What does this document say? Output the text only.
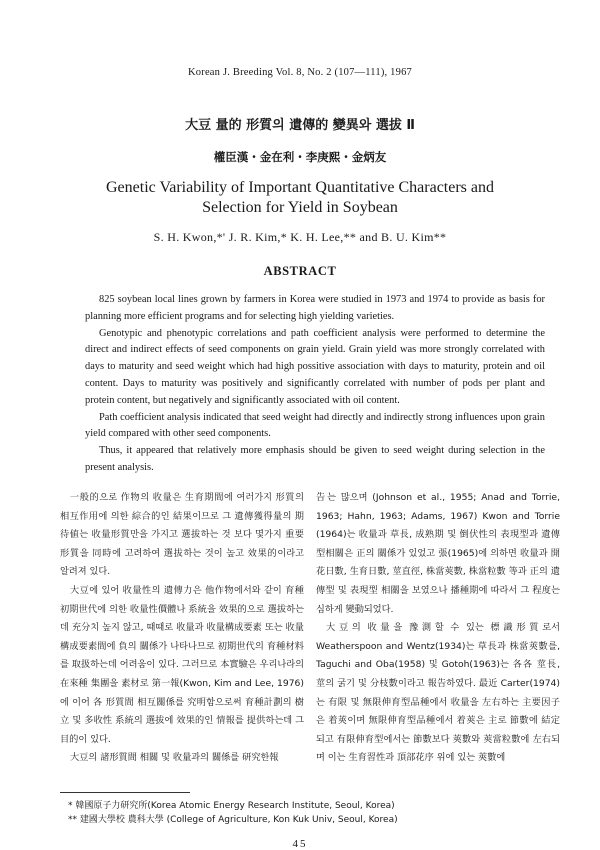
Korean J. Breeding Vol. 8, No. 2 (107—111), 1967
大豆 量的 形質의 遺傳的 變異와 選拔 Ⅱ
權臣漢・金在利・李庚熙・金炳友
Genetic Variability of Important Quantitative Characters and
Selection for Yield in Soybean
S. H. Kwon,*' J. R. Kim,* K. H. Lee,** and B. U. Kim**
ABSTRACT

825 soybean local lines grown by farmers in Korea were studied in 1973 and 1974 to provide as basis for planning more efficient programs and for selecting high yielding varieties.

Genotypic and phenotypic correlations and path coefficient analysis were performed to determine the direct and indirect effects of seed components on grain yield. Grain yield was more strongly correlated with days to maturity and seed weight which had high possitive association with days to maturity, protein and oil content. Days to maturity was positively and significantly correlated with number of pods per plant and protein content, but negatively and significantly associated with oil content.

Path coefficient analysis indicated that seed weight had directly and indirectly strong influences upon grain yield compared with other seed components.

Thus, it appeared that relatively more emphasis should be given to seed weight during selection in the present analysis.

一般的으로 作物의 收量은 生育期間에 여러가지 形質의 相互作用에 의한 綜合的인 結果이므로 그 遺傳獲得量의 期待値는 收量形質만을 가지고 選拔하는 것 보다 몇가지 重要形質을 同時에 고려하여 選拔하는 것이 높고 效果的이라고 알려져 있다.

大豆에 있어 收量性의 遺傳力은 他作物에서와 같이 育種初期世代에 의한 收量性價體나 系統을 效果的으로 選拔하는데 充分치 높지 않고, 때때로 收量과 收量構成要素 또는 收量構成要素間에 負의 關係가 나타나므로 初期世代의 育種材料를 取扱하는데 어려움이 있다. 그러므로 本實驗은 우리나라의 在來種 集團을 素材로 第一報(Kwon, Kim and Lee, 1976)에 이어 各 形質間 相互關係를 究明함으로써 育種計劃의 樹立 및 多收性 系統의 選拔에 效果的인 情報를 提供하는데 그 目的이 있다.

大豆의 諸形質間 相關 및 收量과의 關係를 研究한報

告는 많으며 (Johnson et al., 1955; Anad and Torrie, 1963; Hahn, 1963; Adams, 1967) Kwon and Torrie (1964)는 收量과 草長, 成熟期 및 倒伏性의 表現型과 遺傳型相關은 正의 關係가 있었고 張(1965)에 의하면 收量과 開花日數, 生育日數, 莖直徑, 株當莢數, 株當粒數 等과 正의 遺傳型 및 表現型 相關을 보였으나 播種期에 따라서 그 程度는 심하게 變動되었다.

大豆의 收量을 豫測할 수 있는 標識形質로서 Weatherspoon and Wentz(1934)는 草長과 株當莢數를, Taguchi and Oba(1958) 및 Gotoh(1963)는 各各 莖長, 莖의 굵기 및 分枝數이라고 報告하였다. 最近 Carter(1974)는 有限 및 無限伸育型品種에서 收量을 左右하는 主要因子은 着莢이며 無限伸育型品種에서 着莢은 主로 節數에 結定되고 有限伸育型에서는 節數보다 莢數와 莢當粒數에 左右되며 이는 生育習性과 頂部花序 위에 있는 莢數에

* 韓國原子力研究所(Korea Atomic Energy Research Institute, Seoul, Korea)
** 建國大學校 農科大學 (College of Agriculture, Kon Kuk Univ, Seoul, Korea)
45
